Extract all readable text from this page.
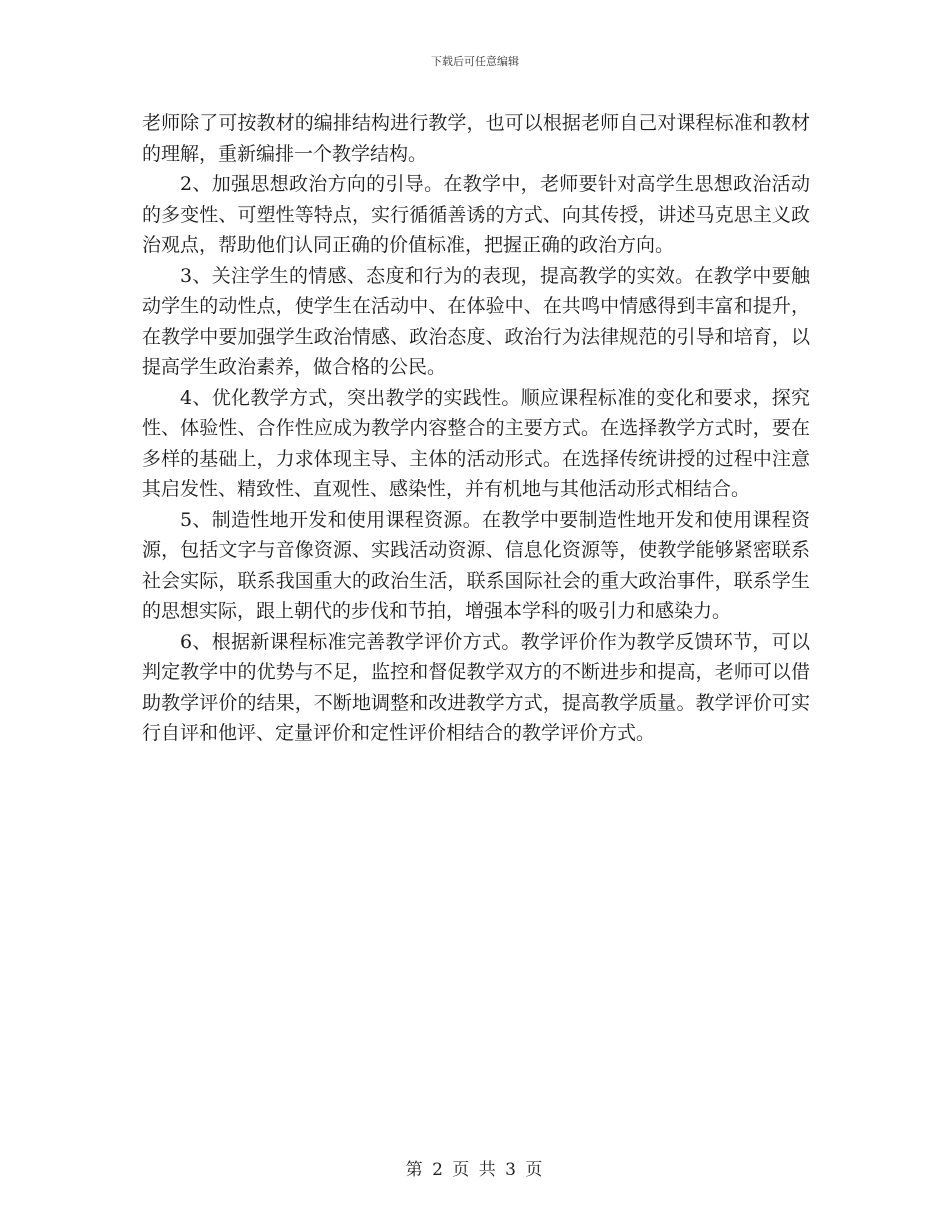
下载后可任意编辑

老师除了可按教材的编排结构进行教学，也可以根据老师自己对课程标准和教材的理解，重新编排一个教学结构。

2、加强思想政治方向的引导。在教学中，老师要针对高学生思想政治活动的多变性、可塑性等特点，实行循循善诱的方式、向其传授，讲述马克思主义政治观点，帮助他们认同正确的价值标准，把握正确的政治方向。

3、关注学生的情感、态度和行为的表现，提高教学的实效。在教学中要触动学生的动性点，使学生在活动中、在体验中、在共鸣中情感得到丰富和提升，在教学中要加强学生政治情感、政治态度、政治行为法律规范的引导和培育，以提高学生政治素养，做合格的公民。

4、优化教学方式，突出教学的实践性。顺应课程标准的变化和要求，探究性、体验性、合作性应成为教学内容整合的主要方式。在选择教学方式时，要在多样的基础上，力求体现主导、主体的活动形式。在选择传统讲授的过程中注意其启发性、精致性、直观性、感染性，并有机地与其他活动形式相结合。

5、制造性地开发和使用课程资源。在教学中要制造性地开发和使用课程资源，包括文字与音像资源、实践活动资源、信息化资源等，使教学能够紧密联系社会实际，联系我国重大的政治生活，联系国际社会的重大政治事件，联系学生的思想实际，跟上朝代的步伐和节拍，增强本学科的吸引力和感染力。

6、根据新课程标准完善教学评价方式。教学评价作为教学反馈环节，可以判定教学中的优势与不足，监控和督促教学双方的不断进步和提高，老师可以借助教学评价的结果，不断地调整和改进教学方式，提高教学质量。教学评价可实行自评和他评、定量评价和定性评价相结合的教学评价方式。

第 2 页 共 3 页
